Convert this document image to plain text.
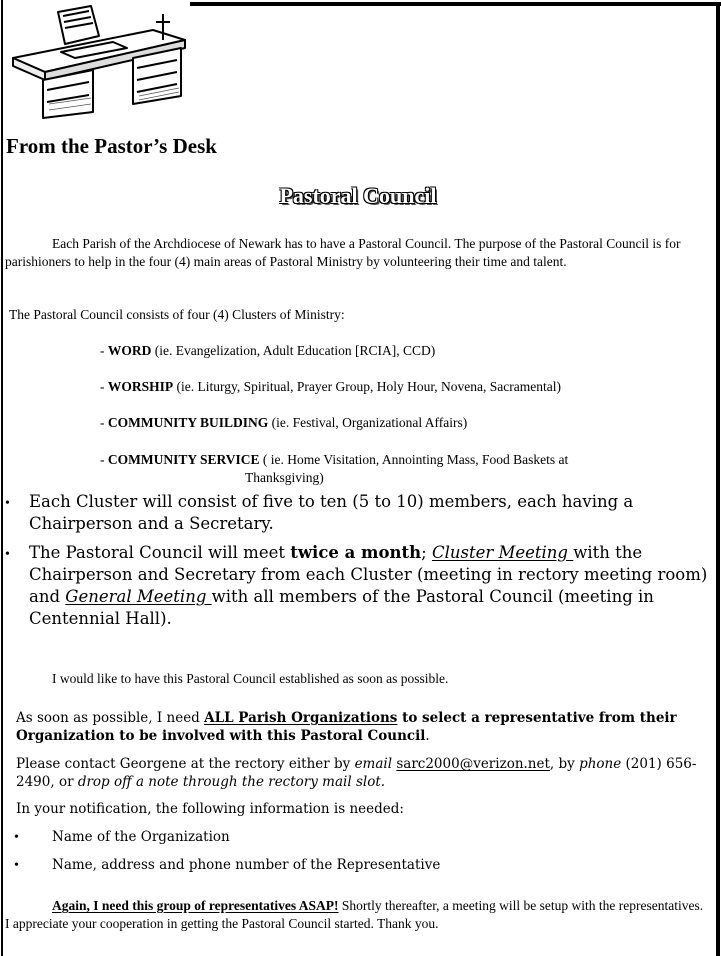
From the Pastor’s Desk
Pastoral Council
Each Parish of the Archdiocese of Newark has to have a Pastoral Council. The purpose of the Pastoral Council is for parishioners to help in the four (4) main areas of Pastoral Ministry by volunteering their time and talent.
The Pastoral Council consists of four (4) Clusters of Ministry:
- WORD (ie. Evangelization, Adult Education [RCIA], CCD)
- WORSHIP (ie. Liturgy, Spiritual, Prayer Group, Holy Hour, Novena, Sacramental)
- COMMUNITY BUILDING (ie. Festival, Organizational Affairs)
- COMMUNITY SERVICE ( ie. Home Visitation, Annointing Mass, Food Baskets at
Thanksgiving)
• Each Cluster will consist of five to ten (5 to 10) members, each having a Chairperson and a Secretary.
• The Pastoral Council will meet twice a month; Cluster Meeting with the Chairperson and Secretary from each Cluster (meeting in rectory meeting room) and General Meeting with all members of the Pastoral Council (meeting in Centennial Hall).
I would like to have this Pastoral Council established as soon as possible.
As soon as possible, I need ALL Parish Organizations to select a representative from their Organization to be involved with this Pastoral Council.
Please contact Georgene at the rectory either by email sarc2000@verizon.net, by phone (201) 656-2490, or drop off a note through the rectory mail slot.
In your notification, the following information is needed:
• Name of the Organization
• Name, address and phone number of the Representative
Again, I need this group of representatives ASAP! Shortly thereafter, a meeting will be setup with the representatives. I appreciate your cooperation in getting the Pastoral Council started. Thank you.
